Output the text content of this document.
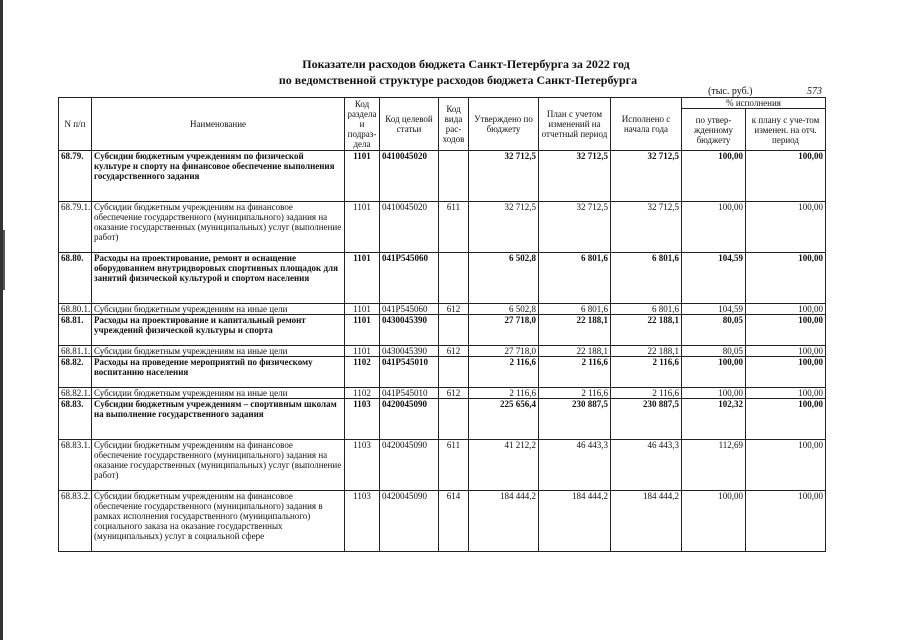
Показатели расходов бюджета Санкт-Петербурга за 2022 год
по ведомственной структуре расходов бюджета Санкт-Петербурга
(тыс. руб.)	573
N п/п	Наименование	Код раздела и подраз-дела	Код целевой статьи	Код вида рас-ходов	Утверждено по бюджету	План с учетом изменений на отчетный период	Исполнено с начала года	% исполнения	
								по утвер-жденному бюджету	к плану с уче-том изменен. на отч. период
68.79.	Субсидии бюджетным учреждениям по физической культуре и спорту на финансовое обеспечение выполнения государственного задания	1101	0410045020		32 712,5	32 712,5	32 712,5	100,00	100,00
68.79.1.	Субсидии бюджетным учреждениям на финансовое обеспечение государственного (муниципального) задания на оказание государственных (муниципальных) услуг (выполнение работ)	1101	0410045020	611	32 712,5	32 712,5	32 712,5	100,00	100,00
68.80.	Расходы на проектирование, ремонт и оснащение оборудованием внутридворовых спортивных площадок для занятий физической культурой и спортом населения	1101	041P545060		6 502,8	6 801,6	6 801,6	104,59	100,00
68.80.1.	Субсидии бюджетным учреждениям на иные цели	1101	041P545060	612	6 502,8	6 801,6	6 801,6	104,59	100,00
68.81.	Расходы на проектирование и капитальный ремонт учреждений физической культуры и спорта	1101	0430045390		27 718,0	22 188,1	22 188,1	80,05	100,00
68.81.1.	Субсидии бюджетным учреждениям на иные цели	1101	0430045390	612	27 718,0	22 188,1	22 188,1	80,05	100,00
68.82.	Расходы на проведение мероприятий по физическому воспитанию населения	1102	041P545010		2 116,6	2 116,6	2 116,6	100,00	100,00
68.82.1.	Субсидии бюджетным учреждениям на иные цели	1102	041P545010	612	2 116,6	2 116,6	2 116,6	100,00	100,00
68.83.	Субсидии бюджетным учреждениям – спортивным школам на выполнение государственного задания	1103	0420045090		225 656,4	230 887,5	230 887,5	102,32	100,00
68.83.1.	Субсидии бюджетным учреждениям на финансовое обеспечение государственного (муниципального) задания на оказание государственных (муниципальных) услуг (выполнение работ)	1103	0420045090	611	41 212,2	46 443,3	46 443,3	112,69	100,00
68.83.2.	Субсидии бюджетным учреждениям на финансовое обеспечение государственного (муниципального) задания в рамках исполнения государственного (муниципального) социального заказа на оказание государственных (муниципальных) услуг в социальной сфере	1103	0420045090	614	184 444,2	184 444,2	184 444,2	100,00	100,00
